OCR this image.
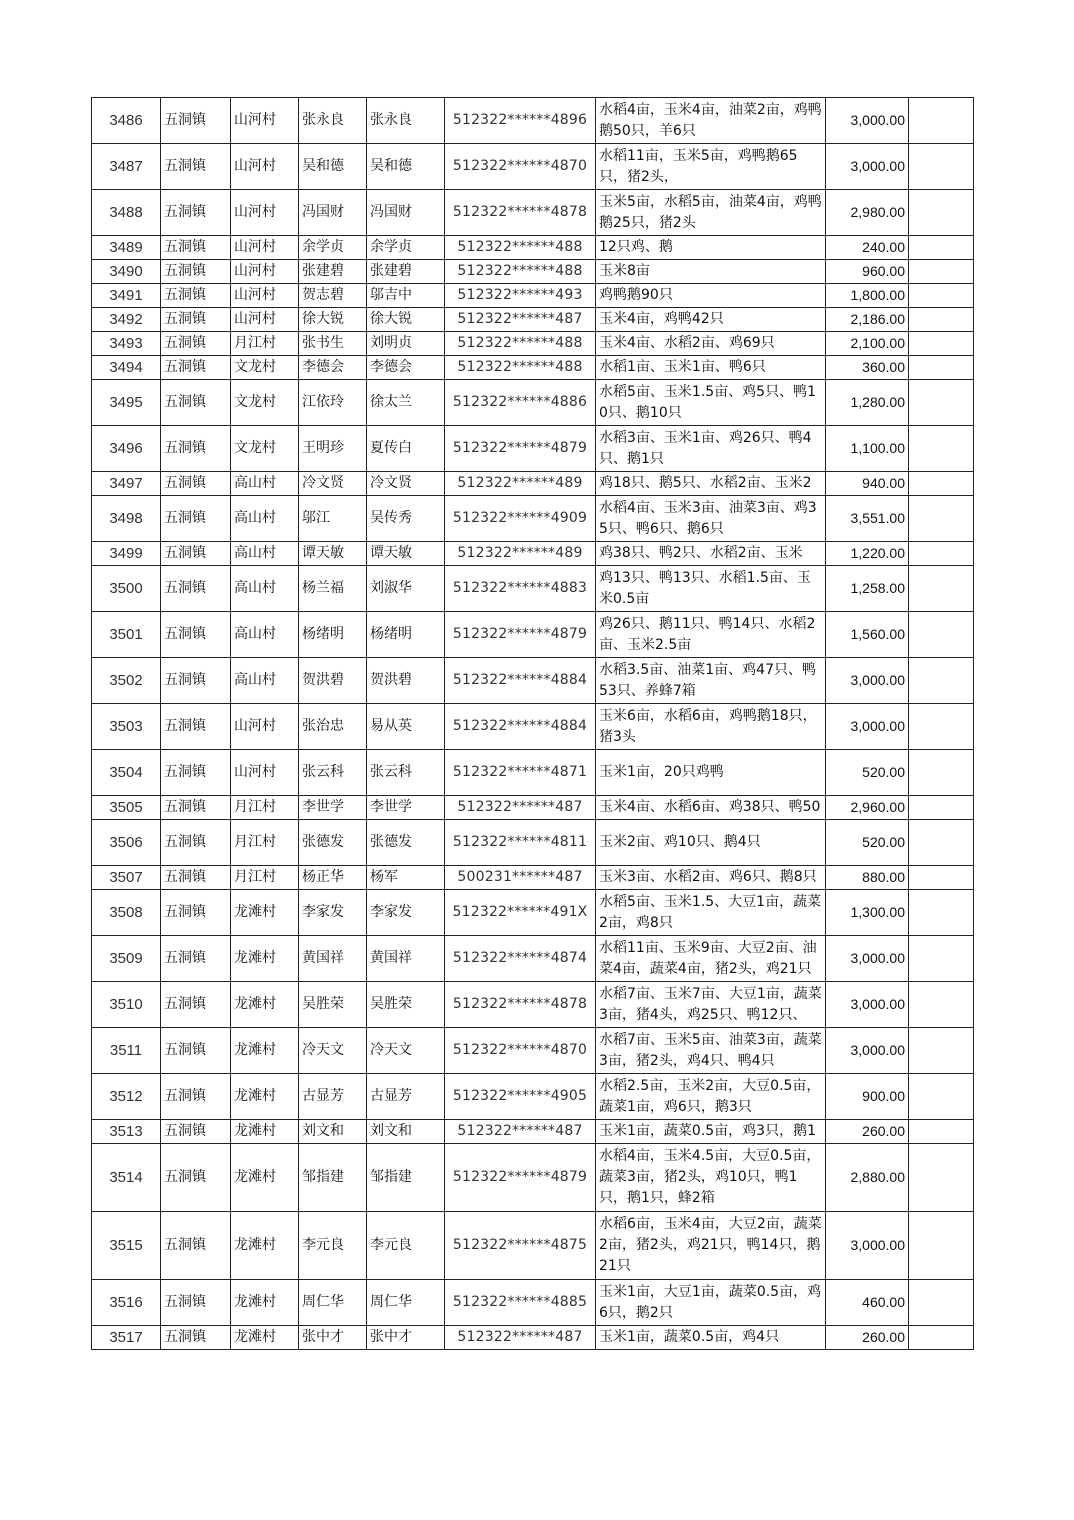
3486	五洞镇	山河村	张永良	张永良	512322******4896	水稻4亩，玉米4亩，油菜2亩，鸡鸭鹅50只，羊6只	3,000.00	
3487	五洞镇	山河村	吴和德	吴和德	512322******4870	水稻11亩，玉米5亩，鸡鸭鹅65只，猪2头，	3,000.00	
3488	五洞镇	山河村	冯国财	冯国财	512322******4878	玉米5亩，水稻5亩，油菜4亩，鸡鸭鹅25只，猪2头	2,980.00	
3489	五洞镇	山河村	余学贞	余学贞	512322******488	12只鸡、鹅	240.00	
3490	五洞镇	山河村	张建碧	张建碧	512322******488	玉米8亩	960.00	
3491	五洞镇	山河村	贺志碧	邬吉中	512322******493	鸡鸭鹅90只	1,800.00	
3492	五洞镇	山河村	徐大锐	徐大锐	512322******487	玉米4亩，鸡鸭42只	2,186.00	
3493	五洞镇	月江村	张书生	刘明贞	512322******488	玉米4亩、水稻2亩、鸡69只	2,100.00	
3494	五洞镇	文龙村	李德会	李德会	512322******488	水稻1亩、玉米1亩、鸭6只	360.00	
3495	五洞镇	文龙村	江依玲	徐太兰	512322******4886	水稻5亩、玉米1.5亩、鸡5只、鸭10只、鹅10只	1,280.00	
3496	五洞镇	文龙村	王明珍	夏传白	512322******4879	水稻3亩、玉米1亩、鸡26只、鸭4只、鹅1只	1,100.00	
3497	五洞镇	高山村	冷文贤	冷文贤	512322******489	鸡18只、鹅5只、水稻2亩、玉米2	940.00	
3498	五洞镇	高山村	邬江	吴传秀	512322******4909	水稻4亩、玉米3亩、油菜3亩、鸡35只、鸭6只、鹅6只	3,551.00	
3499	五洞镇	高山村	谭天敏	谭天敏	512322******489	鸡38只、鸭2只、水稻2亩、玉米	1,220.00	
3500	五洞镇	高山村	杨兰福	刘淑华	512322******4883	鸡13只、鸭13只、水稻1.5亩、玉米0.5亩	1,258.00	
3501	五洞镇	高山村	杨绪明	杨绪明	512322******4879	鸡26只、鹅11只、鸭14只、水稻2亩、玉米2.5亩	1,560.00	
3502	五洞镇	高山村	贺洪碧	贺洪碧	512322******4884	水稻3.5亩、油菜1亩、鸡47只、鸭53只、养蜂7箱	3,000.00	
3503	五洞镇	山河村	张治忠	易从英	512322******4884	玉米6亩，水稻6亩，鸡鸭鹅18只，猪3头	3,000.00	
3504	五洞镇	山河村	张云科	张云科	512322******4871	玉米1亩，20只鸡鸭	520.00	
3505	五洞镇	月江村	李世学	李世学	512322******487	玉米4亩、水稻6亩、鸡38只、鸭50	2,960.00	
3506	五洞镇	月江村	张德发	张德发	512322******4811	玉米2亩、鸡10只、鹅4只	520.00	
3507	五洞镇	月江村	杨正华	杨军	500231******487	玉米3亩、水稻2亩、鸡6只、鹅8只	880.00	
3508	五洞镇	龙滩村	李家发	李家发	512322******491X	水稻5亩、玉米1.5、大豆1亩，蔬菜2亩，鸡8只	1,300.00	
3509	五洞镇	龙滩村	黄国祥	黄国祥	512322******4874	水稻11亩、玉米9亩、大豆2亩、油菜4亩，蔬菜4亩，猪2头，鸡21只	3,000.00	
3510	五洞镇	龙滩村	吴胜荣	吴胜荣	512322******4878	水稻7亩、玉米7亩、大豆1亩，蔬菜3亩，猪4头，鸡25只、鸭12只、	3,000.00	
3511	五洞镇	龙滩村	冷天文	冷天文	512322******4870	水稻7亩、玉米5亩、油菜3亩，蔬菜3亩，猪2头，鸡4只、鸭4只	3,000.00	
3512	五洞镇	龙滩村	古显芳	古显芳	512322******4905	水稻2.5亩，玉米2亩，大豆0.5亩，蔬菜1亩，鸡6只，鹅3只	900.00	
3513	五洞镇	龙滩村	刘文和	刘文和	512322******487	玉米1亩，蔬菜0.5亩，鸡3只，鹅1	260.00	
3514	五洞镇	龙滩村	邹指建	邹指建	512322******4879	水稻4亩，玉米4.5亩，大豆0.5亩，蔬菜3亩，猪2头，鸡10只，鸭1只，鹅1只，蜂2箱	2,880.00	
3515	五洞镇	龙滩村	李元良	李元良	512322******4875	水稻6亩，玉米4亩，大豆2亩，蔬菜2亩，猪2头，鸡21只，鸭14只，鹅21只	3,000.00	
3516	五洞镇	龙滩村	周仁华	周仁华	512322******4885	玉米1亩，大豆1亩，蔬菜0.5亩，鸡6只，鹅2只	460.00	
3517	五洞镇	龙滩村	张中才	张中才	512322******487	玉米1亩，蔬菜0.5亩，鸡4只	260.00	
